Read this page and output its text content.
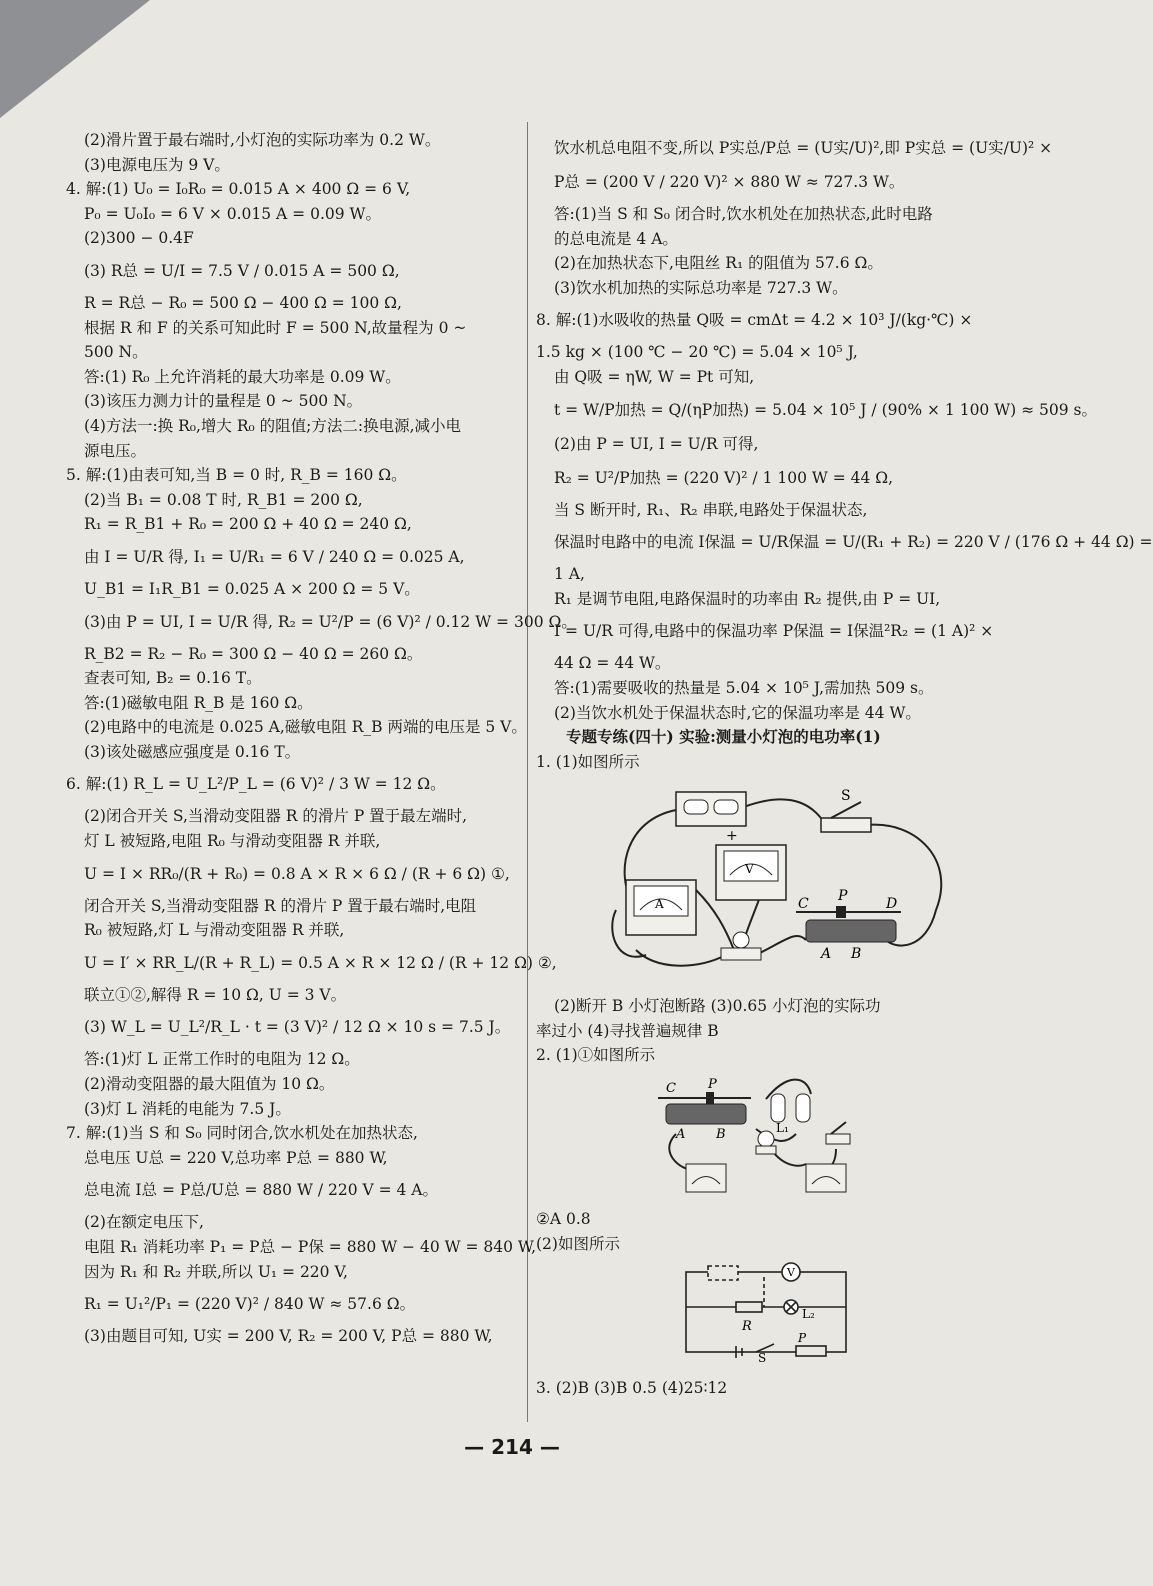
(2)滑片置于最右端时,小灯泡的实际功率为 0.2 W。
(3)电源电压为 9 V。
4. 解:(1) U₀ = I₀R₀ = 0.015 A × 400 Ω = 6 V,
P₀ = U₀I₀ = 6 V × 0.015 A = 0.09 W。
(2)300 − 0.4F
(3) R总 = U/I = 7.5 V / 0.015 A = 500 Ω,
R = R总 − R₀ = 500 Ω − 400 Ω = 100 Ω,
根据 R 和 F 的关系可知此时 F = 500 N,故量程为 0 ~
500 N。
答:(1) R₀ 上允许消耗的最大功率是 0.09 W。
(3)该压力测力计的量程是 0 ~ 500 N。
(4)方法一:换 R₀,增大 R₀ 的阻值;方法二:换电源,减小电
源电压。
5. 解:(1)由表可知,当 B = 0 时, R_B = 160 Ω。
(2)当 B₁ = 0.08 T 时, R_B1 = 200 Ω,
R₁ = R_B1 + R₀ = 200 Ω + 40 Ω = 240 Ω,
由 I = U/R 得, I₁ = U/R₁ = 6 V / 240 Ω = 0.025 A,
U_B1 = I₁R_B1 = 0.025 A × 200 Ω = 5 V。
(3)由 P = UI, I = U/R 得, R₂ = U²/P = (6 V)² / 0.12 W = 300 Ω。
R_B2 = R₂ − R₀ = 300 Ω − 40 Ω = 260 Ω。
查表可知, B₂ = 0.16 T。
答:(1)磁敏电阻 R_B 是 160 Ω。
(2)电路中的电流是 0.025 A,磁敏电阻 R_B 两端的电压是 5 V。
(3)该处磁感应强度是 0.16 T。
6. 解:(1) R_L = U_L²/P_L = (6 V)² / 3 W = 12 Ω。
(2)闭合开关 S,当滑动变阻器 R 的滑片 P 置于最左端时,
灯 L 被短路,电阻 R₀ 与滑动变阻器 R 并联,
U = I × RR₀/(R + R₀) = 0.8 A × R × 6 Ω / (R + 6 Ω) ①,
闭合开关 S,当滑动变阻器 R 的滑片 P 置于最右端时,电阻
R₀ 被短路,灯 L 与滑动变阻器 R 并联,
U = I′ × RR_L/(R + R_L) = 0.5 A × R × 12 Ω / (R + 12 Ω) ②,
联立①②,解得 R = 10 Ω, U = 3 V。
(3) W_L = U_L²/R_L · t = (3 V)² / 12 Ω × 10 s = 7.5 J。
答:(1)灯 L 正常工作时的电阻为 12 Ω。
(2)滑动变阻器的最大阻值为 10 Ω。
(3)灯 L 消耗的电能为 7.5 J。
7. 解:(1)当 S 和 S₀ 同时闭合,饮水机处在加热状态,
总电压 U总 = 220 V,总功率 P总 = 880 W,
总电流 I总 = P总/U总 = 880 W / 220 V = 4 A。
(2)在额定电压下,
电阻 R₁ 消耗功率 P₁ = P总 − P保 = 880 W − 40 W = 840 W,
因为 R₁ 和 R₂ 并联,所以 U₁ = 220 V,
R₁ = U₁²/P₁ = (220 V)² / 840 W ≈ 57.6 Ω。
(3)由题目可知, U实 = 200 V, R₂ = 200 V, P总 = 880 W,
饮水机总电阻不变,所以 P实总/P总 = (U实/U)²,即 P实总 = (U实/U)² ×
P总 = (200 V / 220 V)² × 880 W ≈ 727.3 W。
答:(1)当 S 和 S₀ 闭合时,饮水机处在加热状态,此时电路
的总电流是 4 A。
(2)在加热状态下,电阻丝 R₁ 的阻值为 57.6 Ω。
(3)饮水机加热的实际总功率是 727.3 W。
8. 解:(1)水吸收的热量 Q吸 = cmΔt = 4.2 × 10³ J/(kg·℃) ×
1.5 kg × (100 ℃ − 20 ℃) = 5.04 × 10⁵ J,
由 Q吸 = ηW, W = Pt 可知,
t = W/P加热 = Q/(ηP加热) = 5.04 × 10⁵ J / (90% × 1 100 W) ≈ 509 s。
(2)由 P = UI, I = U/R 可得,
R₂ = U²/P加热 = (220 V)² / 1 100 W = 44 Ω,
当 S 断开时, R₁、R₂ 串联,电路处于保温状态,
保温时电路中的电流 I保温 = U/R保温 = U/(R₁ + R₂) = 220 V / (176 Ω + 44 Ω) =
1 A,
R₁ 是调节电阻,电路保温时的功率由 R₂ 提供,由 P = UI,
I = U/R 可得,电路中的保温功率 P保温 = I保温²R₂ = (1 A)² ×
44 Ω = 44 W。
答:(1)需要吸收的热量是 5.04 × 10⁵ J,需加热 509 s。
(2)当饮水机处于保温状态时,它的保温功率是 44 W。
专题专练(四十) 实验:测量小灯泡的电功率(1)
1. (1)如图所示
+
S
A
V
C P	D
A B
(2)断开 B 小灯泡断路 (3)0.65 小灯泡的实际功
率过小 (4)寻找普遍规律 B
2. (1)①如图所示
C P
A B	L₁
②A 0.8
(2)如图所示
V
L₂
R
S
P
3. (2)B (3)B 0.5 (4)25∶12
— 214 —
